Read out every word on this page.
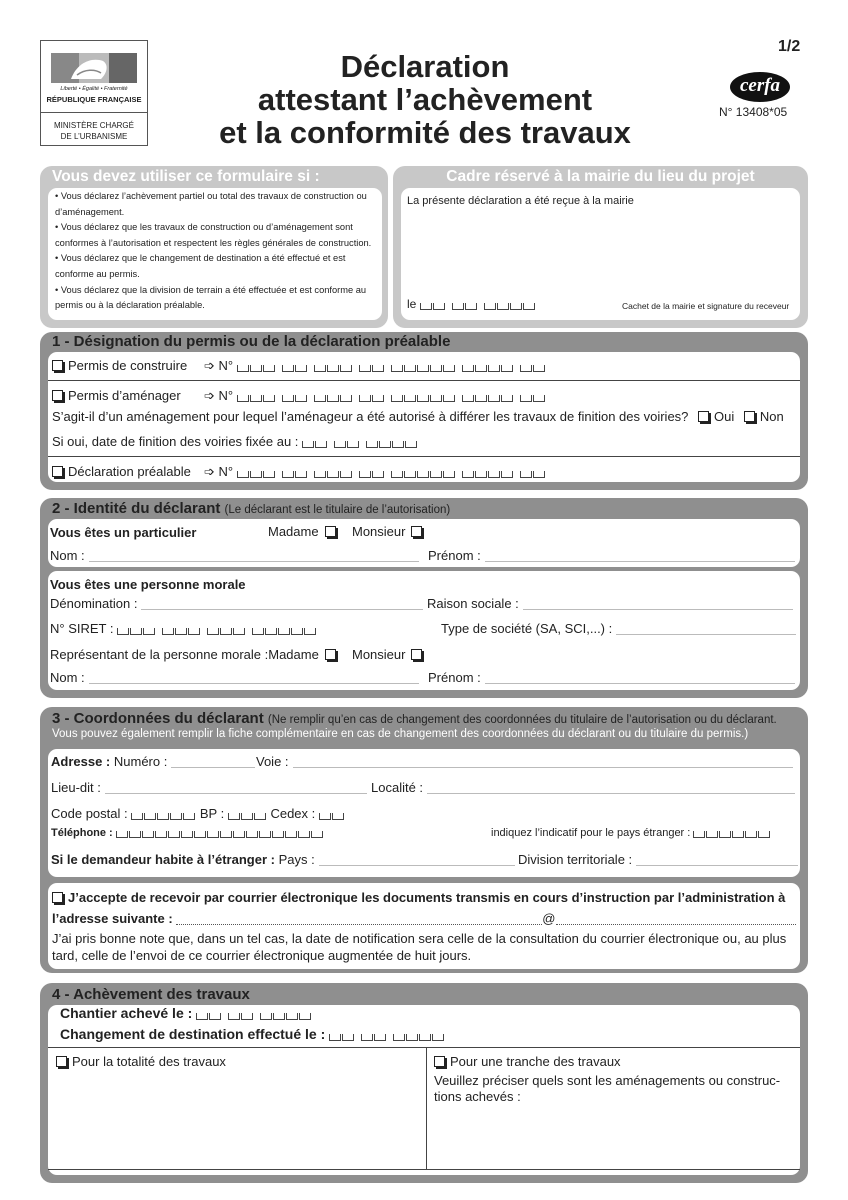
Liberté • Égalité • Fraternité
RÉPUBLIQUE FRANÇAISE
MINISTÈRE CHARGÉ
DE L’URBANISME
Déclaration
attestant l’achèvement
et la conformité des travaux
1/2
cerfa
N° 13408*05
Vous devez utiliser ce formulaire si :
• Vous déclarez l’achèvement partiel ou total des travaux de construction ou
d’aménagement.
• Vous déclarez que les travaux de construction ou d’aménagement sont
conformes à l’autorisation et respectent les règles générales de construction.
• Vous déclarez que le changement de destination a été effectué et est
conforme au permis.
• Vous déclarez que la division de terrain a été effectuée et est conforme au
permis ou à la déclaration préalable.
Cadre réservé à la mairie du lieu du projet
La présente déclaration a été reçue à la mairie
le	Cachet de la mairie et signature du receveur
1 - Désignation du permis ou de la déclaration préalable
Permis de construire ➩ N°
Permis d’aménager ➩ N°
S’agit-il d’un aménagement pour lequel l’aménageur a été autorisé à différer les travaux de finition des voiries? Oui Non
Si oui, date de finition des voiries fixée au :
Déclaration préalable ➩ N°
2 - Identité du déclarant (Le déclarant est le titulaire de l’autorisation)
Vous êtes un particulier	Madame	Monsieur
Nom :	Prénom :
Vous êtes une personne morale
Dénomination :	Raison sociale :
N° SIRET :	Type de société (SA, SCI,...) :
Représentant de la personne morale :Madame	Monsieur
Nom :	Prénom :
3 - Coordonnées du déclarant (Ne remplir qu’en cas de changement des coordonnées du titulaire de l’autorisation ou du déclarant.
Vous pouvez également remplir la fiche complémentaire en cas de changement des coordonnées du déclarant ou du titulaire du permis.)
Adresse : Numéro :	Voie :
Lieu-dit :	Localité :
Code postal :	BP :	Cedex :
Téléphone :	indiquez l’indicatif pour le pays étranger :
Si le demandeur habite à l’étranger : Pays :	Division territoriale :
J’accepte de recevoir par courrier électronique les documents transmis en cours d’instruction par l’administration à
l’adresse suivante :	@
J’ai pris bonne note que, dans un tel cas, la date de notification sera celle de la consultation du courrier électronique ou, au plus
tard, celle de l’envoi de ce courrier électronique augmentée de huit jours.
4 - Achèvement des travaux
Chantier achevé le :
Changement de destination effectué le :
Pour la totalité des travaux	Pour une tranche des travaux
Veuillez préciser quels sont les aménagements ou construc-
tions achevés :
